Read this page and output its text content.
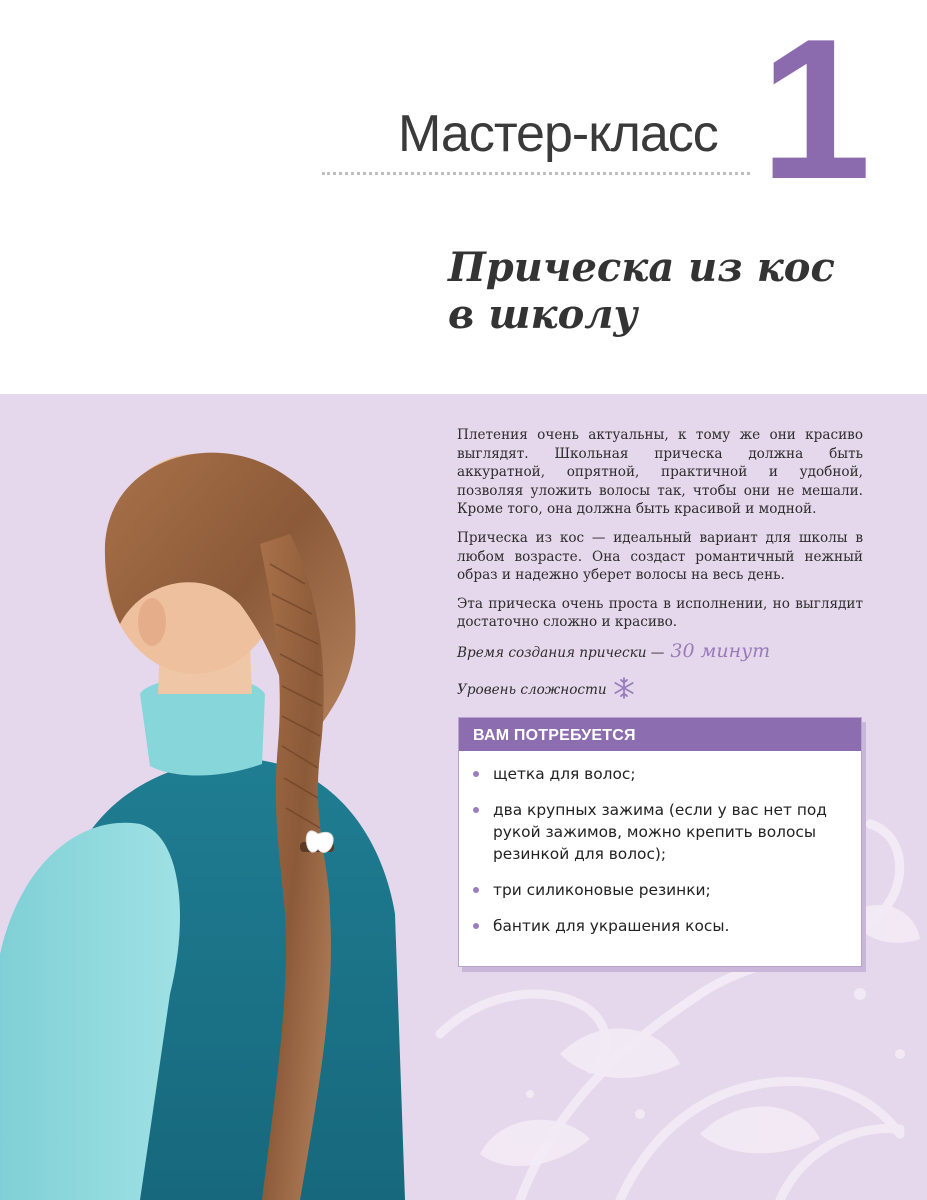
Мастер-класс 1
Прическа из кос
в школу

Плетения очень актуальны, к тому же они красиво выглядят. Школьная прическа должна быть аккуратной, опрятной, практичной и удобной, позволяя уложить волосы так, чтобы они не мешали. Кроме того, она должна быть красивой и модной.

Прическа из кос — идеальный вариант для школы в любом возрасте. Она создаст романтичный нежный образ и надежно уберет волосы на весь день.

Эта прическа очень проста в исполнении, но выглядит достаточно сложно и красиво.

Время создания прически — 30 минут
Уровень сложности
ВАМ ПОТРЕБУЕТСЯ
щетка для волос;
два крупных зажима (если у вас нет под рукой зажимов, можно крепить волосы резинкой для волос);
три силиконовые резинки;
бантик для украшения косы.
